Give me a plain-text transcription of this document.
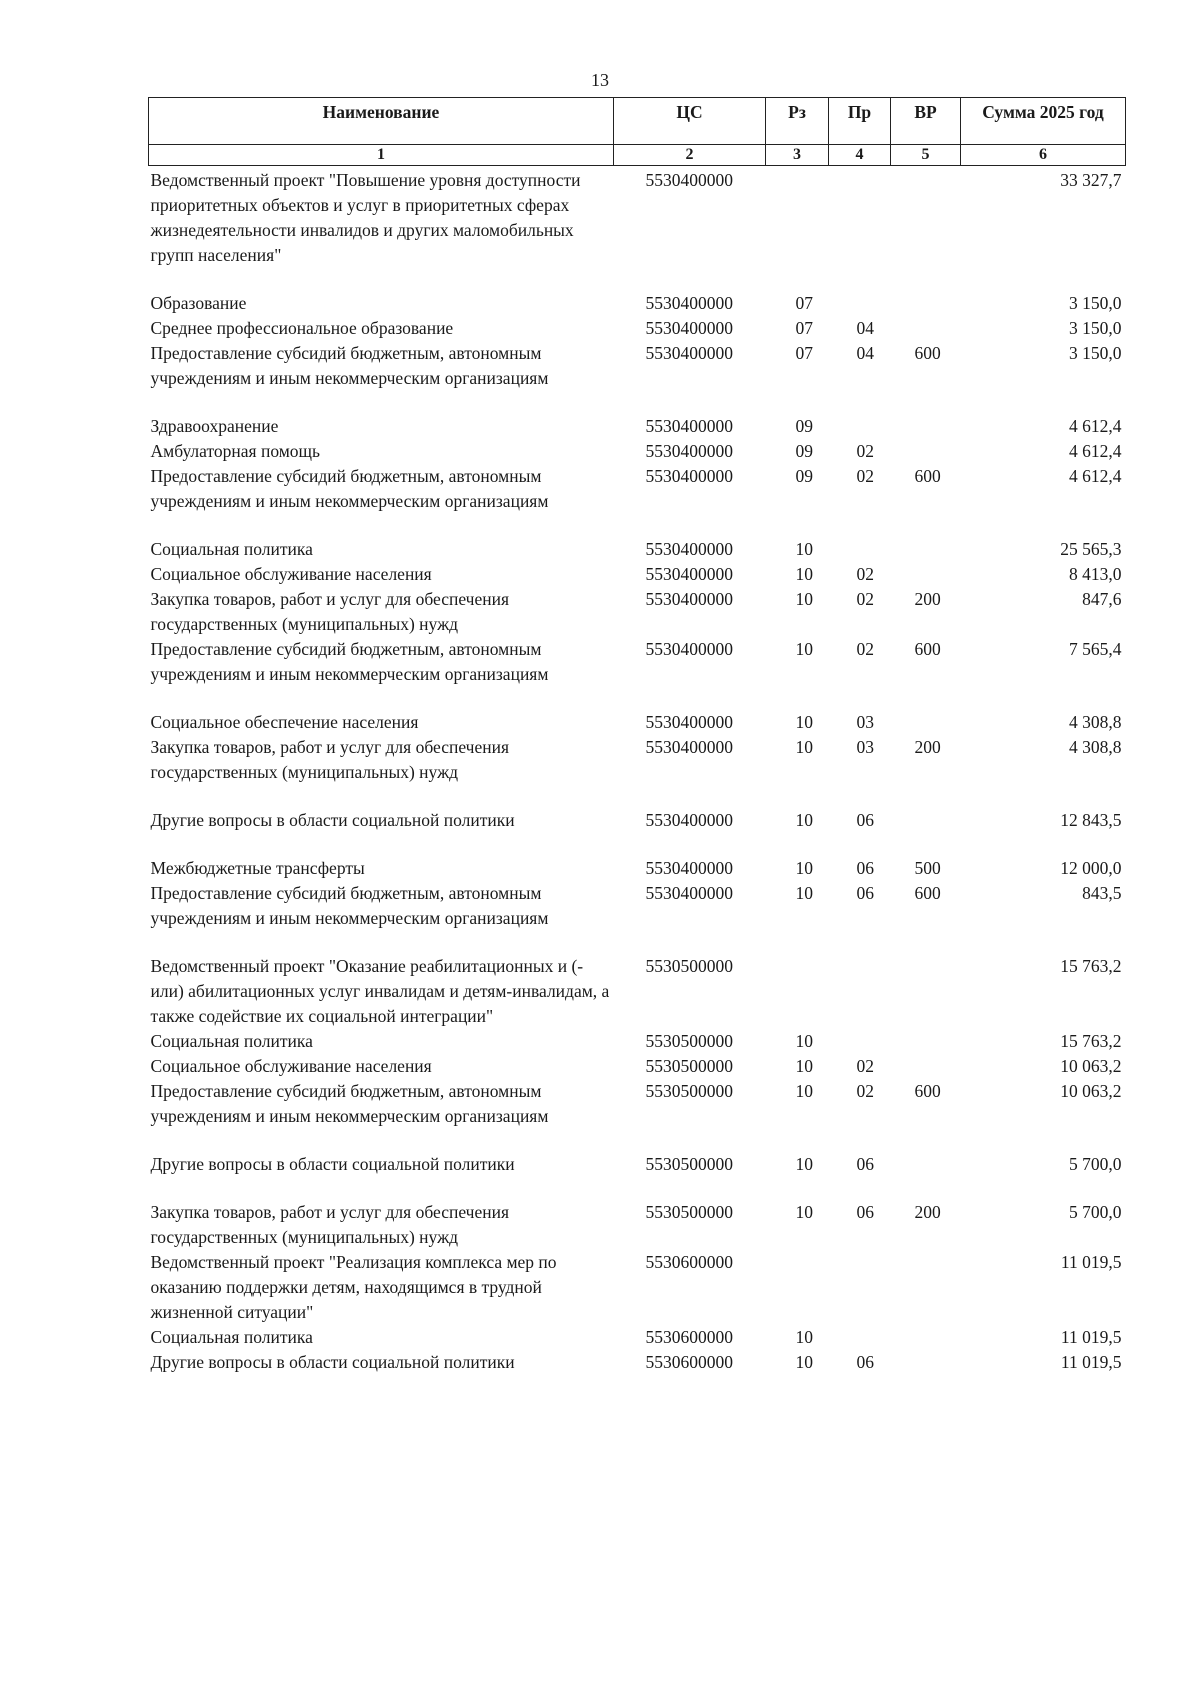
13
Наименование	ЦС	Рз	Пр	ВР	Сумма 2025 год
1	2	3	4	5	6
Ведомственный проект "Повышение уровня доступности приоритетных объектов и услуг в приоритетных сферах жизнедеятельности инвалидов и других маломобильных групп населения"	5530400000				33 327,7
Образование	5530400000	07			3 150,0
Среднее профессиональное образование	5530400000	07	04		3 150,0
Предоставление субсидий бюджетным, автономным учреждениям и иным некоммерческим организациям	5530400000	07	04	600	3 150,0
Здравоохранение	5530400000	09			4 612,4
Амбулаторная помощь	5530400000	09	02		4 612,4
Предоставление субсидий бюджетным, автономным учреждениям и иным некоммерческим организациям	5530400000	09	02	600	4 612,4
Социальная политика	5530400000	10			25 565,3
Социальное обслуживание населения	5530400000	10	02		8 413,0
Закупка товаров, работ и услуг для обеспечения государственных (муниципальных) нужд	5530400000	10	02	200	847,6
Предоставление субсидий бюджетным, автономным учреждениям и иным некоммерческим организациям	5530400000	10	02	600	7 565,4
Социальное обеспечение населения	5530400000	10	03		4 308,8
Закупка товаров, работ и услуг для обеспечения государственных (муниципальных) нужд	5530400000	10	03	200	4 308,8
Другие вопросы в области социальной политики	5530400000	10	06		12 843,5
Межбюджетные трансферты	5530400000	10	06	500	12 000,0
Предоставление субсидий бюджетным, автономным учреждениям и иным некоммерческим организациям	5530400000	10	06	600	843,5
Ведомственный проект "Оказание реабилитационных и (-или) абилитационных услуг инвалидам и детям-инвалидам, а также содействие их социальной интеграции"	5530500000				15 763,2
Социальная политика	5530500000	10			15 763,2
Социальное обслуживание населения	5530500000	10	02		10 063,2
Предоставление субсидий бюджетным, автономным учреждениям и иным некоммерческим организациям	5530500000	10	02	600	10 063,2
Другие вопросы в области социальной политики	5530500000	10	06		5 700,0
Закупка товаров, работ и услуг для обеспечения государственных (муниципальных) нужд	5530500000	10	06	200	5 700,0
Ведомственный проект "Реализация комплекса мер по оказанию поддержки детям, находящимся в трудной жизненной ситуации"	5530600000				11 019,5
Социальная политика	5530600000	10			11 019,5
Другие вопросы в области социальной политики	5530600000	10	06		11 019,5
